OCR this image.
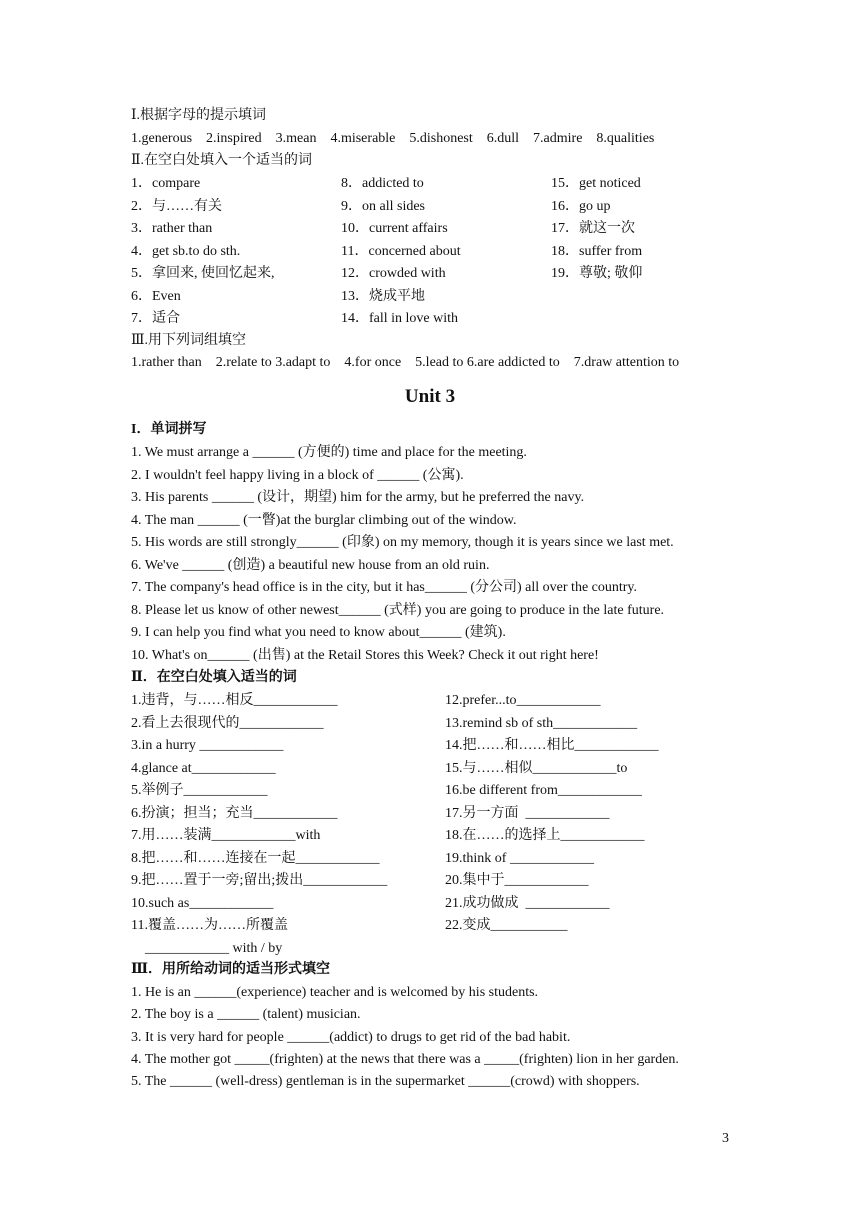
Ⅰ.根据字母的提示填词
1.generous    2.inspired    3.mean    4.miserable    5.dishonest    6.dull    7.admire    8.qualities
Ⅱ.在空白处填入一个适当的词
1．compare
2．与……有关
3．rather than
4．get sb.to do sth.
5．拿回来, 使回忆起来,
6．Even
7．适合
8．addicted to
9．on all sides
10．current affairs
11．concerned about
12．crowded with
13．烧成平地
14．fall in love with
15．get noticed
16．go up
17．就这一次
18．suffer from
19．尊敬; 敬仰
Ⅲ.用下列词组填空
1.rather than    2.relate to 3.adapt to    4.for once    5.lead to 6.are addicted to    7.draw attention to
Unit 3
I．单词拼写
1. We must arrange a ______ (方便的) time and place for the meeting.
2. I wouldn't feel happy living in a block of ______ (公寓).
3. His parents ______ (设计，期望) him for the army, but he preferred the navy.
4. The man ______ (一瞥)at the burglar climbing out of the window.
5. His words are still strongly______ (印象) on my memory, though it is years since we last met.
6. We've ______ (创造) a beautiful new house from an old ruin.
7. The company's head office is in the city, but it has______ (分公司) all over the country.
8. Please let us know of other newest______ (式样) you are going to produce in the late future.
9. I can help you find what you need to know about______ (建筑).
10. What's on______ (出售) at the Retail Stores this Week? Check it out right here!
Ⅱ．在空白处填入适当的词
1.违背，与……相反____________
2.看上去很现代的____________
3.in a hurry ____________
4.glance at____________
5.举例子____________
6.扮演；担当；充当____________
7.用……装满____________with
8.把……和……连接在一起____________
9.把……置于一旁;留出;拨出____________
10.such as____________
11.覆盖……为……所覆盖
____________ with / by
12.prefer...to____________
13.remind sb of sth____________
14.把……和……相比____________
15.与……相似____________to
16.be different from____________
17.另一方面  ____________
18.在……的选择上____________
19.think of ____________
20.集中于____________
21.成功做成  ____________
22.变成___________
Ⅲ．用所给动词的适当形式填空
1. He is an ______(experience) teacher and is welcomed by his students.
2. The boy is a ______ (talent) musician.
3. It is very hard for people ______(addict) to drugs to get rid of the bad habit.
4. The mother got _____(frighten) at the news that there was a _____(frighten) lion in her garden.
5. The ______ (well-dress) gentleman is in the supermarket ______(crowd) with shoppers.
3
